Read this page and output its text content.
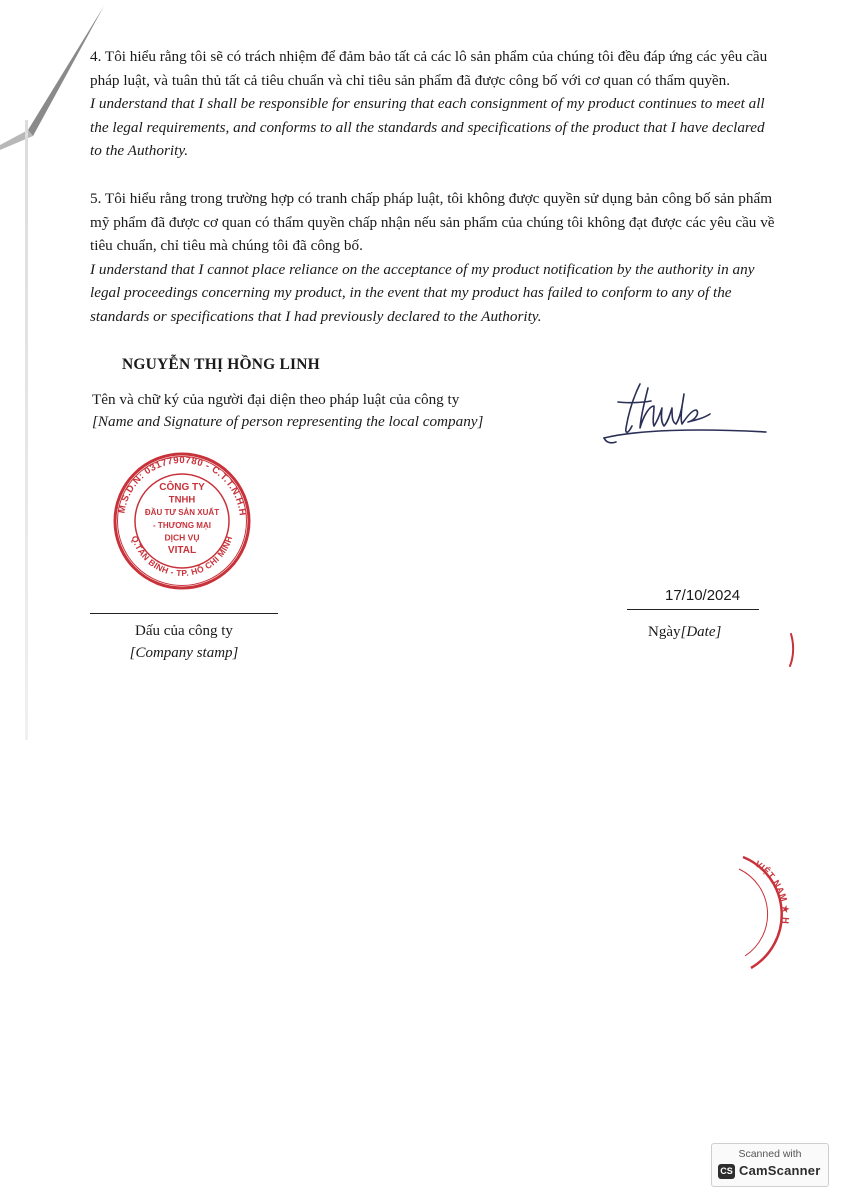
4. Tôi hiểu rằng tôi sẽ có trách nhiệm để đảm bảo tất cả các lô sản phẩm của chúng tôi đều đáp ứng các yêu cầu pháp luật, và tuân thủ tất cả tiêu chuẩn và chỉ tiêu sản phẩm đã được công bố với cơ quan có thẩm quyền.

I understand that I shall be responsible for ensuring that each consignment of my product continues to meet all the legal requirements, and conforms to all the standards and specifications of the product that I have declared to the Authority.

5. Tôi hiểu rằng trong trường hợp có tranh chấp pháp luật, tôi không được quyền sử dụng bản công bố sản phẩm mỹ phẩm đã được cơ quan có thẩm quyền chấp nhận nếu sản phẩm của chúng tôi không đạt được các yêu cầu về tiêu chuẩn, chỉ tiêu mà chúng tôi đã công bố.

I understand that I cannot place reliance on the acceptance of my product notification by the authority in any legal proceedings concerning my product, in the event that my product has failed to conform to any of the standards or specifications that I had previously declared to the Authority.

NGUYỄN THỊ HỒNG LINH
Tên và chữ ký của người đại diện theo pháp luật của công ty
[Name and Signature of person representing the local company]
M.S.D.N: 0317790780 - C.T.T.N.H.H
Q.TÂN BÌNH - TP. HỒ CHÍ MINH
CÔNG TY
TNHH
ĐẦU TƯ SẢN XUẤT
- THƯƠNG MẠI
DỊCH VỤ
VITAL
Dấu của công ty
[Company stamp]
17/10/2024
Ngày[Date]
VIỆT NAM ★ H
Scanned with
CS CamScanner
